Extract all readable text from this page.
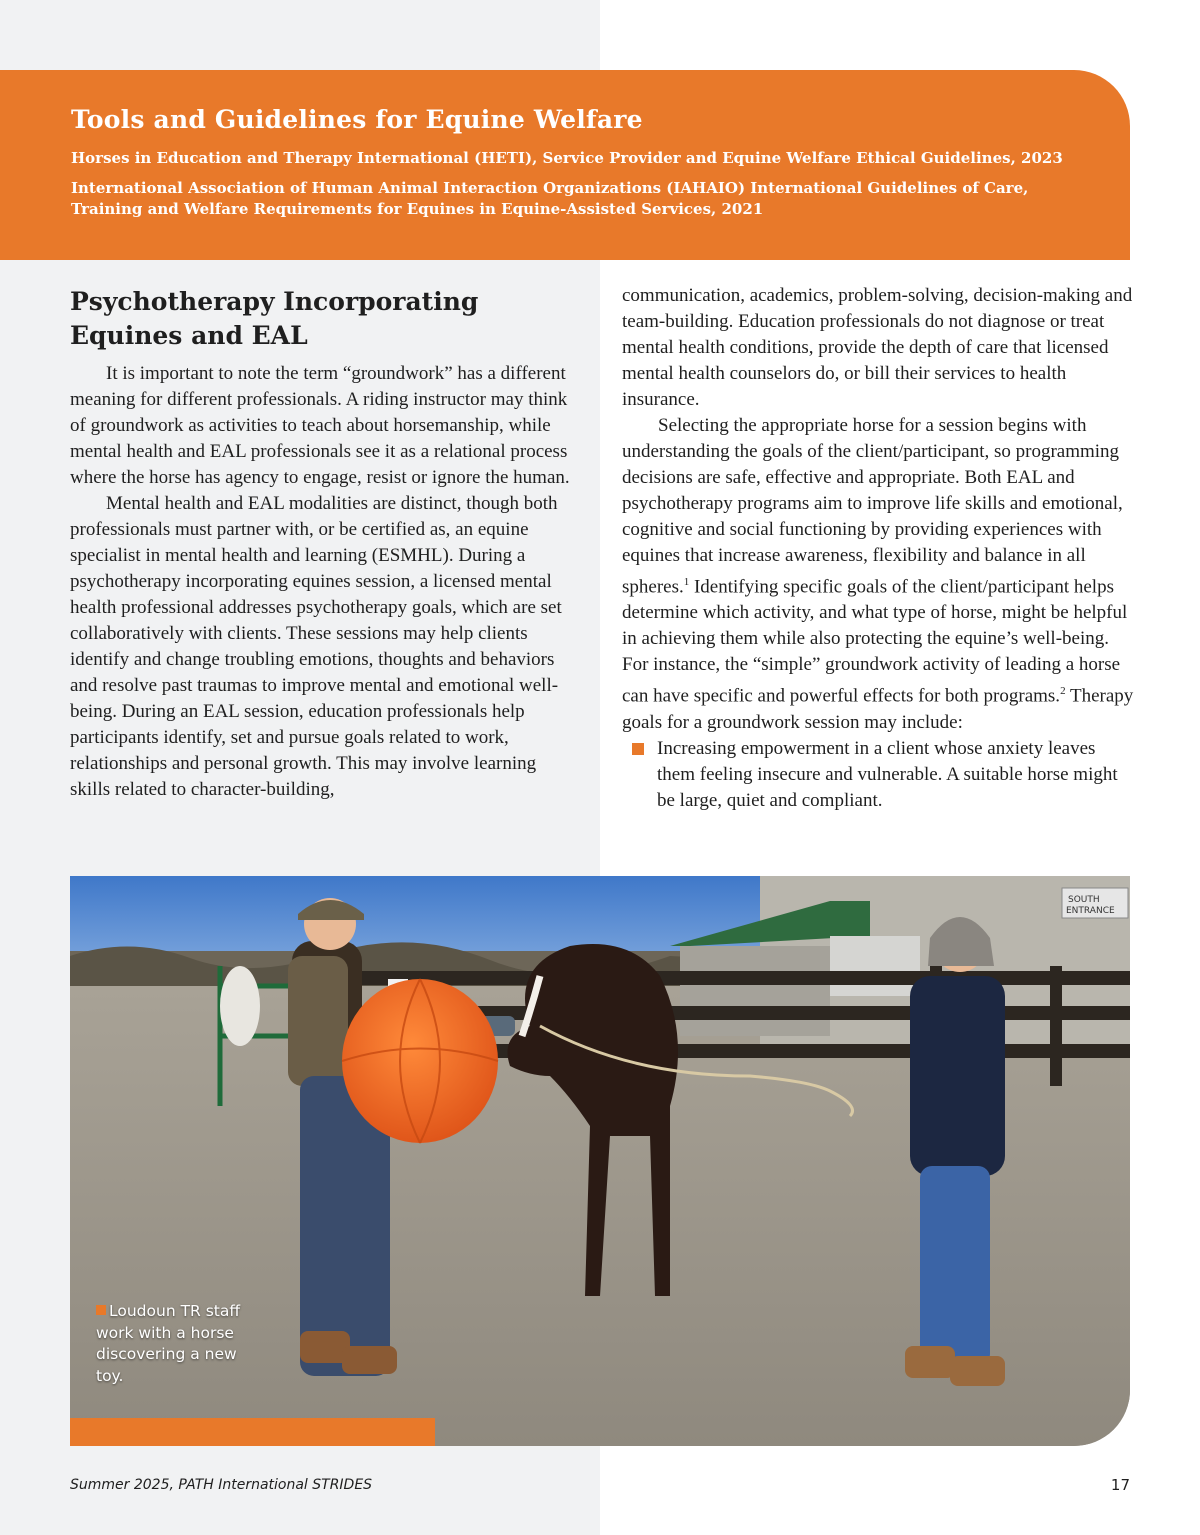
Tools and Guidelines for Equine Welfare
Horses in Education and Therapy International (HETI), Service Provider and Equine Welfare Ethical Guidelines, 2023
International Association of Human Animal Interaction Organizations (IAHAIO) International Guidelines of Care, Training and Welfare Requirements for Equines in Equine-Assisted Services, 2021
Psychotherapy Incorporating Equines and EAL

It is important to note the term “groundwork” has a different meaning for different professionals. A riding instructor may think of groundwork as activities to teach about horsemanship, while mental health and EAL professionals see it as a relational process where the horse has agency to engage, resist or ignore the human.

Mental health and EAL modalities are distinct, though both professionals must partner with, or be certified as, an equine specialist in mental health and learning (ESMHL). During a psychotherapy incorporating equines session, a licensed mental health professional addresses psychotherapy goals, which are set collaboratively with clients. These sessions may help clients identify and change troubling emotions, thoughts and behaviors and resolve past traumas to improve mental and emotional well-being. During an EAL session, education professionals help participants identify, set and pursue goals related to work, relationships and personal growth. This may involve learning skills related to character-building,

communication, academics, problem-solving, decision-making and team-building. Education professionals do not diagnose or treat mental health conditions, provide the depth of care that licensed mental health counselors do, or bill their services to health insurance.

Selecting the appropriate horse for a session begins with understanding the goals of the client/participant, so programming decisions are safe, effective and appropriate. Both EAL and psychotherapy programs aim to improve life skills and emotional, cognitive and social functioning by providing experiences with equines that increase awareness, flexibility and balance in all spheres.$^1$ Identifying specific goals of the client/participant helps determine which activity, and what type of horse, might be helpful in achieving them while also protecting the equine’s well-being. For instance, the “simple” groundwork activity of leading a horse can have specific and powerful effects for both programs.$^2$ Therapy goals for a groundwork session may include:

Increasing empowerment in a client whose anxiety leaves them feeling insecure and vulnerable. A suitable horse might be large, quiet and compliant.

SOUTH
ENTRANCE
Loudoun TR staff work with a horse discovering a new toy.
Summer 2025, PATH International STRIDES	17
